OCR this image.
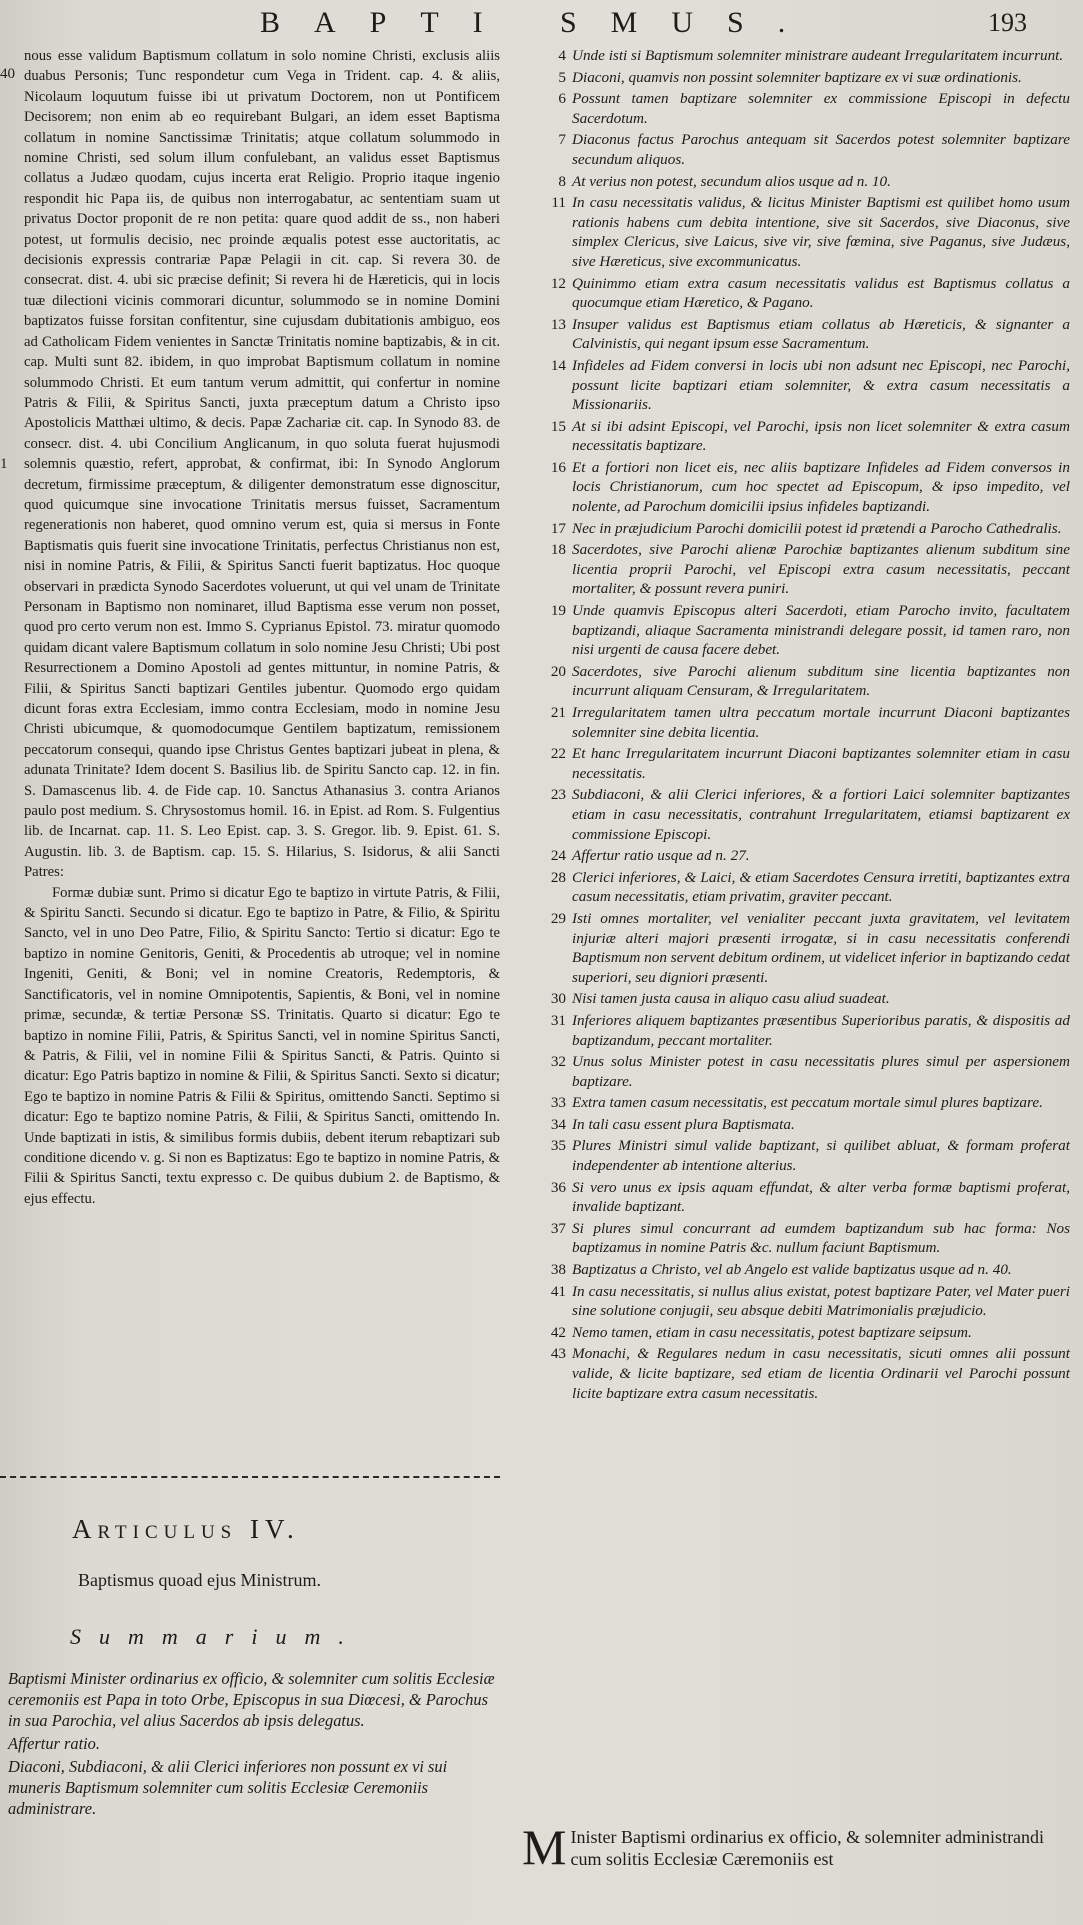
BAPTI SMUS.	193
40
1

nous esse validum Baptismum collatum in solo nomine Christi, exclusis aliis duabus Personis; Tunc respondetur cum Vega in Trident. cap. 4. & aliis, Nicolaum loquutum fuisse ibi ut privatum Doctorem, non ut Pontificem Decisorem; non enim ab eo requirebant Bulgari, an idem esset Baptisma collatum in nomine Sanctissimæ Trinitatis; atque collatum solummodo in nomine Christi, sed solum illum confulebant, an validus esset Baptismus collatus a Judæo quodam, cujus incerta erat Religio. Proprio itaque ingenio respondit hic Papa iis, de quibus non interrogabatur, ac sententiam suam ut privatus Doctor proponit de re non petita: quare quod addit de ss., non haberi potest, ut formulis decisio, nec proinde æqualis potest esse auctoritatis, ac decisionis expressis contrariæ Papæ Pelagii in cit. cap. Si revera 30. de consecrat. dist. 4. ubi sic præcise definit; Si revera hi de Hæreticis, qui in locis tuæ dilectioni vicinis commorari dicuntur, solummodo se in nomine Domini baptizatos fuisse forsitan confitentur, sine cujusdam dubitationis ambiguo, eos ad Catholicam Fidem venientes in Sanctæ Trinitatis nomine baptizabis, & in cit. cap. Multi sunt 82. ibidem, in quo improbat Baptismum collatum in nomine solummodo Christi. Et eum tantum verum admittit, qui confertur in nomine Patris & Filii, & Spiritus Sancti, juxta præceptum datum a Christo ipso Apostolicis Matthæi ultimo, & decis. Papæ Zachariæ cit. cap. In Synodo 83. de consecr. dist. 4. ubi Concilium Anglicanum, in quo soluta fuerat hujusmodi solemnis quæstio, refert, approbat, & confirmat, ibi: In Synodo Anglorum decretum, firmissime præceptum, & diligenter demonstratum esse dignoscitur, quod quicumque sine invocatione Trinitatis mersus fuisset, Sacramentum regenerationis non haberet, quod omnino verum est, quia si mersus in Fonte Baptismatis quis fuerit sine invocatione Trinitatis, perfectus Christianus non est, nisi in nomine Patris, & Filii, & Spiritus Sancti fuerit baptizatus. Hoc quoque observari in prædicta Synodo Sacerdotes voluerunt, ut qui vel unam de Trinitate Personam in Baptismo non nominaret, illud Baptisma esse verum non posset, quod pro certo verum non est. Immo S. Cyprianus Epistol. 73. miratur quomodo quidam dicant valere Baptismum collatum in solo nomine Jesu Christi; Ubi post Resurrectionem a Domino Apostoli ad gentes mittuntur, in nomine Patris, & Filii, & Spiritus Sancti baptizari Gentiles jubentur. Quomodo ergo quidam dicunt foras extra Ecclesiam, immo contra Ecclesiam, modo in nomine Jesu Christi ubicumque, & quomodocumque Gentilem baptizatum, remissionem peccatorum consequi, quando ipse Christus Gentes baptizari jubeat in plena, & adunata Trinitate? Idem docent S. Basilius lib. de Spiritu Sancto cap. 12. in fin. S. Damascenus lib. 4. de Fide cap. 10. Sanctus Athanasius 3. contra Arianos paulo post medium. S. Chrysostomus homil. 16. in Epist. ad Rom. S. Fulgentius lib. de Incarnat. cap. 11. S. Leo Epist. cap. 3. S. Gregor. lib. 9. Epist. 61. S. Augustin. lib. 3. de Baptism. cap. 15. S. Hilarius, S. Isidorus, & alii Sancti Patres:

Formæ dubiæ sunt. Primo si dicatur Ego te baptizo in virtute Patris, & Filii, & Spiritu Sancti. Secundo si dicatur. Ego te baptizo in Patre, & Filio, & Spiritu Sancto, vel in uno Deo Patre, Filio, & Spiritu Sancto: Tertio si dicatur: Ego te baptizo in nomine Genitoris, Geniti, & Procedentis ab utroque; vel in nomine Ingeniti, Geniti, & Boni; vel in nomine Creatoris, Redemptoris, & Sanctificatoris, vel in nomine Omnipotentis, Sapientis, & Boni, vel in nomine primæ, secundæ, & tertiæ Personæ SS. Trinitatis. Quarto si dicatur: Ego te baptizo in nomine Filii, Patris, & Spiritus Sancti, vel in nomine Spiritus Sancti, & Patris, & Filii, vel in nomine Filii & Spiritus Sancti, & Patris. Quinto si dicatur: Ego Patris baptizo in nomine & Filii, & Spiritus Sancti. Sexto si dicatur; Ego te baptizo in nomine Patris & Filii & Spiritus, omittendo Sancti. Septimo si dicatur: Ego te baptizo nomine Patris, & Filii, & Spiritus Sancti, omittendo In. Unde baptizati in istis, & similibus formis dubiis, debent iterum rebaptizari sub conditione dicendo v. g. Si non es Baptizatus: Ego te baptizo in nomine Patris, & Filii & Spiritus Sancti, textu expresso c. De quibus dubium 2. de Baptismo, & ejus effectu.

Articulus IV.
Baptismus quoad ejus Ministrum.
Summarium.

Baptismi Minister ordinarius ex officio, & solemniter cum solitis Ecclesiæ ceremoniis est Papa in toto Orbe, Episcopus in sua Diœcesi, & Parochus in sua Parochia, vel alius Sacerdos ab ipsis delegatus.

Affertur ratio.

Diaconi, Subdiaconi, & alii Clerici inferiores non possunt ex vi sui muneris Baptismum solemniter cum solitis Ecclesiæ Ceremoniis administrare.

4 Unde isti si Baptismum solemniter ministrare audeant Irregularitatem incurrunt.
5 Diaconi, quamvis non possint solemniter baptizare ex vi suæ ordinationis.
6 Possunt tamen baptizare solemniter ex commissione Episcopi in defectu Sacerdotum.
7 Diaconus factus Parochus antequam sit Sacerdos potest solemniter baptizare secundum aliquos.
8 At verius non potest, secundum alios usque ad n. 10.
11 In casu necessitatis validus, & licitus Minister Baptismi est quilibet homo usum rationis habens cum debita intentione, sive sit Sacerdos, sive Diaconus, sive simplex Clericus, sive Laicus, sive vir, sive fœmina, sive Paganus, sive Judæus, sive Hæreticus, sive excommunicatus.
12 Quinimmo etiam extra casum necessitatis validus est Baptismus collatus a quocumque etiam Hæretico, & Pagano.
13 Insuper validus est Baptismus etiam collatus ab Hæreticis, & signanter a Calvinistis, qui negant ipsum esse Sacramentum.
14 Infideles ad Fidem conversi in locis ubi non adsunt nec Episcopi, nec Parochi, possunt licite baptizari etiam solemniter, & extra casum necessitatis a Missionariis.
15 At si ibi adsint Episcopi, vel Parochi, ipsis non licet solemniter & extra casum necessitatis baptizare.
16 Et a fortiori non licet eis, nec aliis baptizare Infideles ad Fidem conversos in locis Christianorum, cum hoc spectet ad Episcopum, & ipso impedito, vel nolente, ad Parochum domicilii ipsius infideles baptizandi.
17 Nec in præjudicium Parochi domicilii potest id prætendi a Parocho Cathedralis.
18 Sacerdotes, sive Parochi alienæ Parochiæ baptizantes alienum subditum sine licentia proprii Parochi, vel Episcopi extra casum necessitatis, peccant mortaliter, & possunt revera puniri.
19 Unde quamvis Episcopus alteri Sacerdoti, etiam Parocho invito, facultatem baptizandi, aliaque Sacramenta ministrandi delegare possit, id tamen raro, non nisi urgenti de causa facere debet.
20 Sacerdotes, sive Parochi alienum subditum sine licentia baptizantes non incurrunt aliquam Censuram, & Irregularitatem.
21 Irregularitatem tamen ultra peccatum mortale incurrunt Diaconi baptizantes solemniter sine debita licentia.
22 Et hanc Irregularitatem incurrunt Diaconi baptizantes solemniter etiam in casu necessitatis.
23 Subdiaconi, & alii Clerici inferiores, & a fortiori Laici solemniter baptizantes etiam in casu necessitatis, contrahunt Irregularitatem, etiamsi baptizarent ex commissione Episcopi.
24 Affertur ratio usque ad n. 27.
28 Clerici inferiores, & Laici, & etiam Sacerdotes Censura irretiti, baptizantes extra casum necessitatis, etiam privatim, graviter peccant.
29 Isti omnes mortaliter, vel venialiter peccant juxta gravitatem, vel levitatem injuriæ alteri majori præsenti irrogatæ, si in casu necessitatis conferendi Baptismum non servent debitum ordinem, ut videlicet inferior in baptizando cedat superiori, seu digniori præsenti.
30 Nisi tamen justa causa in aliquo casu aliud suadeat.
31 Inferiores aliquem baptizantes præsentibus Superioribus paratis, & dispositis ad baptizandum, peccant mortaliter.
32 Unus solus Minister potest in casu necessitatis plures simul per aspersionem baptizare.
33 Extra tamen casum necessitatis, est peccatum mortale simul plures baptizare.
34 In tali casu essent plura Baptismata.
35 Plures Ministri simul valide baptizant, si quilibet abluat, & formam proferat independenter ab intentione alterius.
36 Si vero unus ex ipsis aquam effundat, & alter verba formæ baptismi proferat, invalide baptizant.
37 Si plures simul concurrant ad eumdem baptizandum sub hac forma: Nos baptizamus in nomine Patris &c. nullum faciunt Baptismum.
38 Baptizatus a Christo, vel ab Angelo est valide baptizatus usque ad n. 40.
41 In casu necessitatis, si nullus alius existat, potest baptizare Pater, vel Mater pueri sine solutione conjugii, seu absque debiti Matrimonialis præjudicio.
42 Nemo tamen, etiam in casu necessitatis, potest baptizare seipsum.
43 Monachi, & Regulares nedum in casu necessitatis, sicuti omnes alii possunt valide, & licite baptizare, sed etiam de licentia Ordinarii vel Parochi possunt licite baptizare extra casum necessitatis.
M Inister Baptismi ordinarius ex officio, & solemniter administrandi cum solitis Ecclesiæ Cæremoniis est
